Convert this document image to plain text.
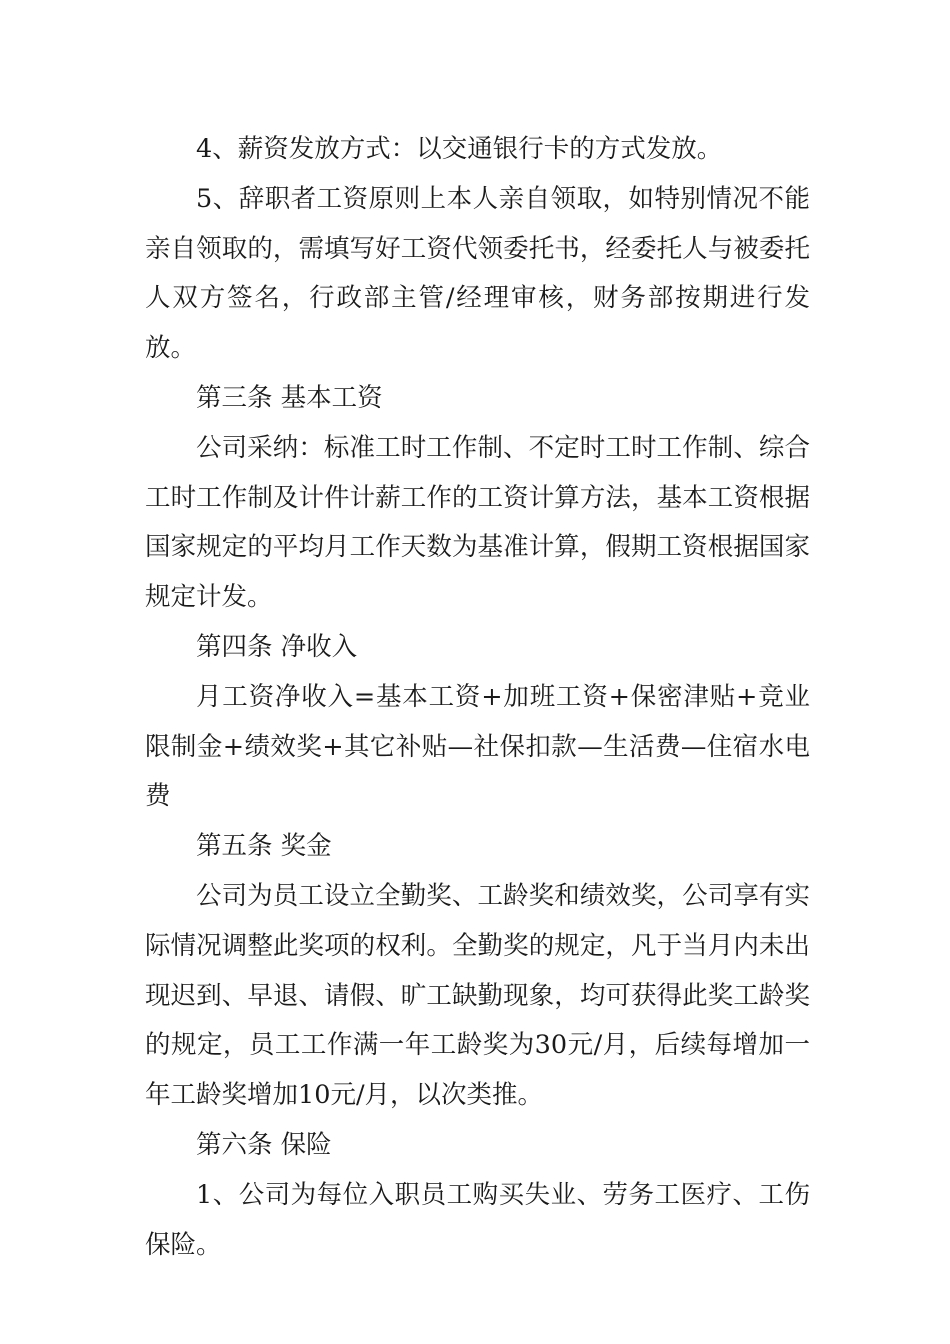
4、薪资发放方式：以交通银行卡的方式发放。

5、辞职者工资原则上本人亲自领取，如特别情况不能亲自领取的，需填写好工资代领委托书，经委托人与被委托人双方签名，行政部主管/经理审核，财务部按期进行发放。

第三条 基本工资

公司采纳：标准工时工作制、不定时工时工作制、综合工时工作制及计件计薪工作的工资计算方法，基本工资根据国家规定的平均月工作天数为基准计算，假期工资根据国家规定计发。

第四条 净收入

月工资净收入=基本工资+加班工资+保密津贴+竞业限制金+绩效奖+其它补贴—社保扣款—生活费—住宿水电费

第五条 奖金

公司为员工设立全勤奖、工龄奖和绩效奖，公司享有实际情况调整此奖项的权利。全勤奖的规定，凡于当月内未出现迟到、早退、请假、旷工缺勤现象，均可获得此奖工龄奖的规定，员工工作满一年工龄奖为30元/月，后续每增加一年工龄奖增加10元/月，以次类推。

第六条 保险

1、公司为每位入职员工购买失业、劳务工医疗、工伤保险。
